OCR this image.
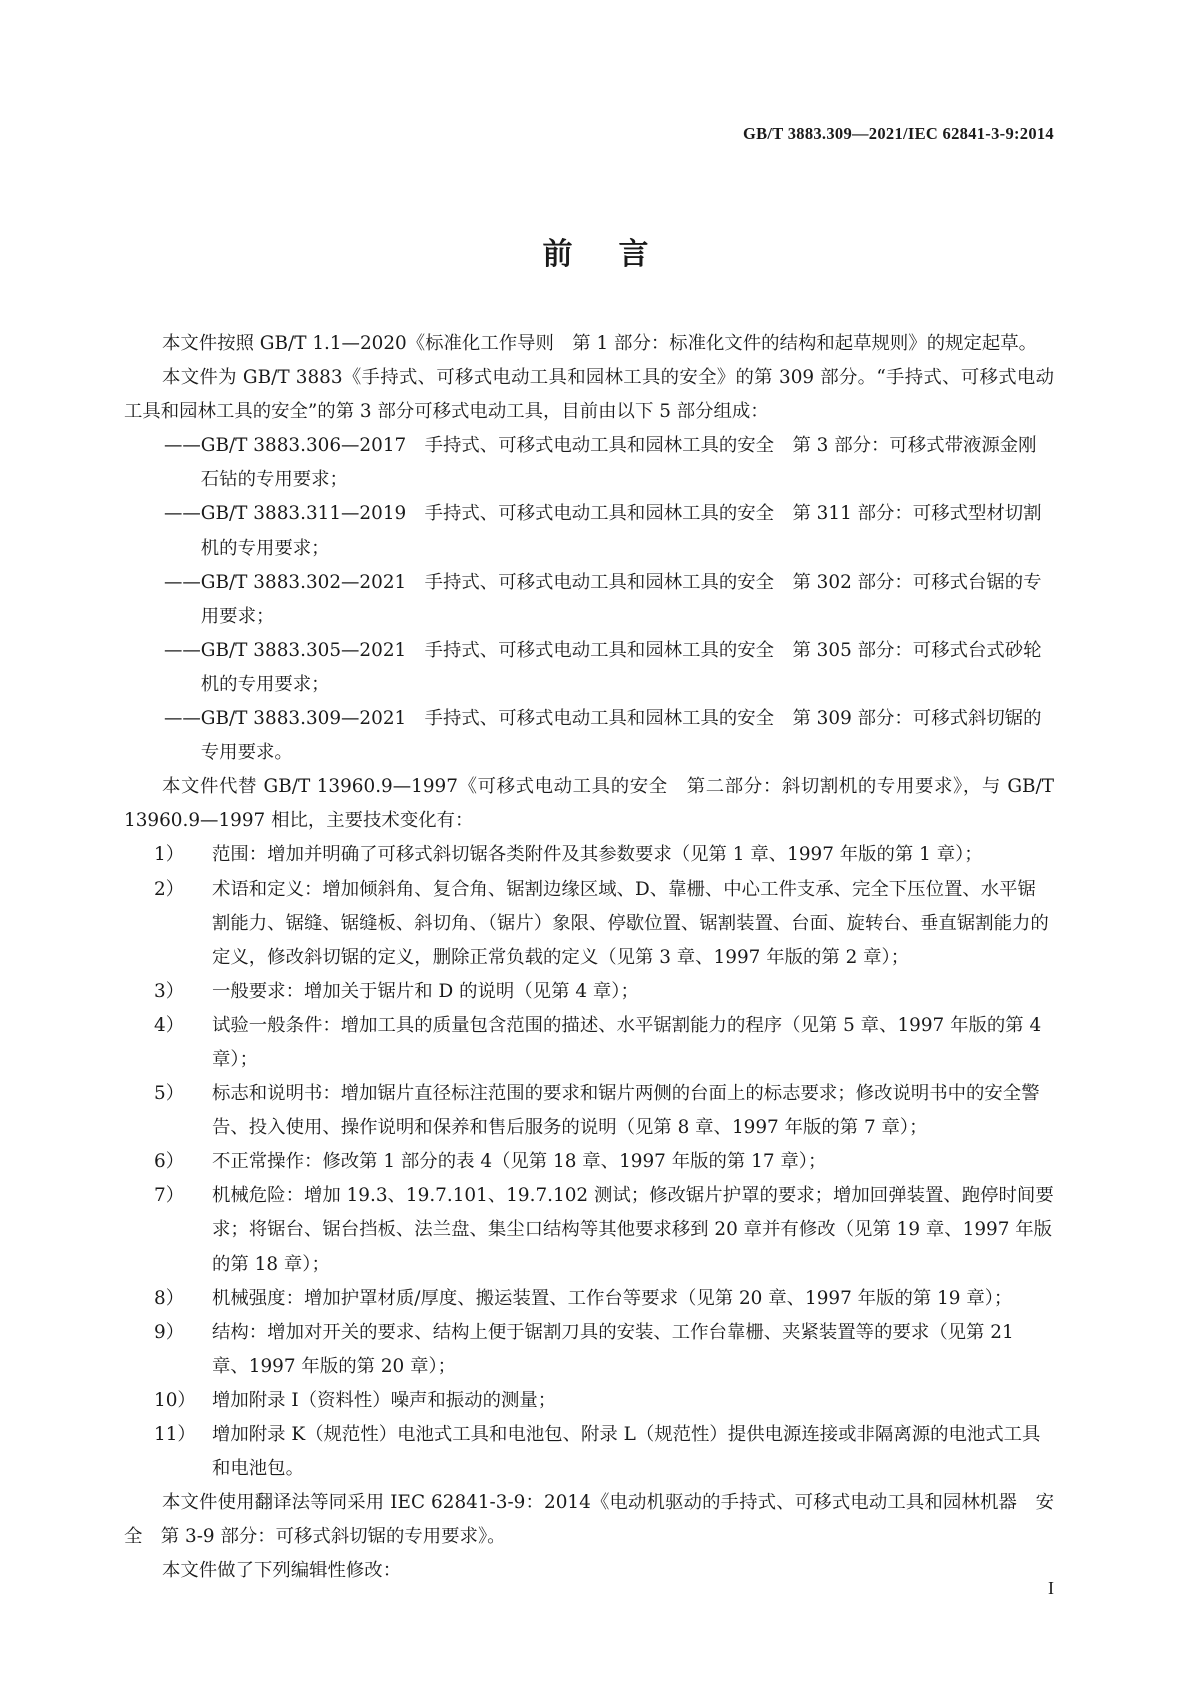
GB/T 3883.309—2021/IEC 62841-3-9:2014
前言

本文件按照 GB/T 1.1—2020《标准化工作导则　第 1 部分：标准化文件的结构和起草规则》的规定起草。

本文件为 GB/T 3883《手持式、可移式电动工具和园林工具的安全》的第 309 部分。“手持式、可移式电动工具和园林工具的安全”的第 3 部分可移式电动工具，目前由以下 5 部分组成：

—— GB/T 3883.306—2017　手持式、可移式电动工具和园林工具的安全　第 3 部分：可移式带液源金刚石钻的专用要求；
—— GB/T 3883.311—2019　手持式、可移式电动工具和园林工具的安全　第 311 部分：可移式型材切割机的专用要求；
—— GB/T 3883.302—2021　手持式、可移式电动工具和园林工具的安全　第 302 部分：可移式台锯的专用要求；
—— GB/T 3883.305—2021　手持式、可移式电动工具和园林工具的安全　第 305 部分：可移式台式砂轮机的专用要求；
—— GB/T 3883.309—2021　手持式、可移式电动工具和园林工具的安全　第 309 部分：可移式斜切锯的专用要求。

本文件代替 GB/T 13960.9—1997《可移式电动工具的安全　第二部分：斜切割机的专用要求》，与 GB/T 13960.9—1997 相比，主要技术变化有：

1）	范围：增加并明确了可移式斜切锯各类附件及其参数要求（见第 1 章、1997 年版的第 1 章）；
2）	术语和定义：增加倾斜角、复合角、锯割边缘区域、D、靠栅、中心工件支承、完全下压位置、水平锯割能力、锯缝、锯缝板、斜切角、（锯片）象限、停歇位置、锯割装置、台面、旋转台、垂直锯割能力的定义，修改斜切锯的定义，删除正常负载的定义（见第 3 章、1997 年版的第 2 章）；
3）	一般要求：增加关于锯片和 D 的说明（见第 4 章）；
4）	试验一般条件：增加工具的质量包含范围的描述、水平锯割能力的程序（见第 5 章、1997 年版的第 4 章）；
5）	标志和说明书：增加锯片直径标注范围的要求和锯片两侧的台面上的标志要求；修改说明书中的安全警告、投入使用、操作说明和保养和售后服务的说明（见第 8 章、1997 年版的第 7 章）；
6）	不正常操作：修改第 1 部分的表 4（见第 18 章、1997 年版的第 17 章）；
7）	机械危险：增加 19.3、19.7.101、19.7.102 测试；修改锯片护罩的要求；增加回弹装置、跑停时间要求；将锯台、锯台挡板、法兰盘、集尘口结构等其他要求移到 20 章并有修改（见第 19 章、1997 年版的第 18 章）；
8）	机械强度：增加护罩材质/厚度、搬运装置、工作台等要求（见第 20 章、1997 年版的第 19 章）；
9）	结构：增加对开关的要求、结构上便于锯割刀具的安装、工作台靠栅、夹紧装置等的要求（见第 21 章、1997 年版的第 20 章）；
10） 增加附录 I（资料性）噪声和振动的测量；
11） 增加附录 K（规范性）电池式工具和电池包、附录 L（规范性）提供电源连接或非隔离源的电池式工具和电池包。

本文件使用翻译法等同采用 IEC 62841-3-9：2014《电动机驱动的手持式、可移式电动工具和园林机器　安全　第 3-9 部分：可移式斜切锯的专用要求》。

本文件做了下列编辑性修改：

I
